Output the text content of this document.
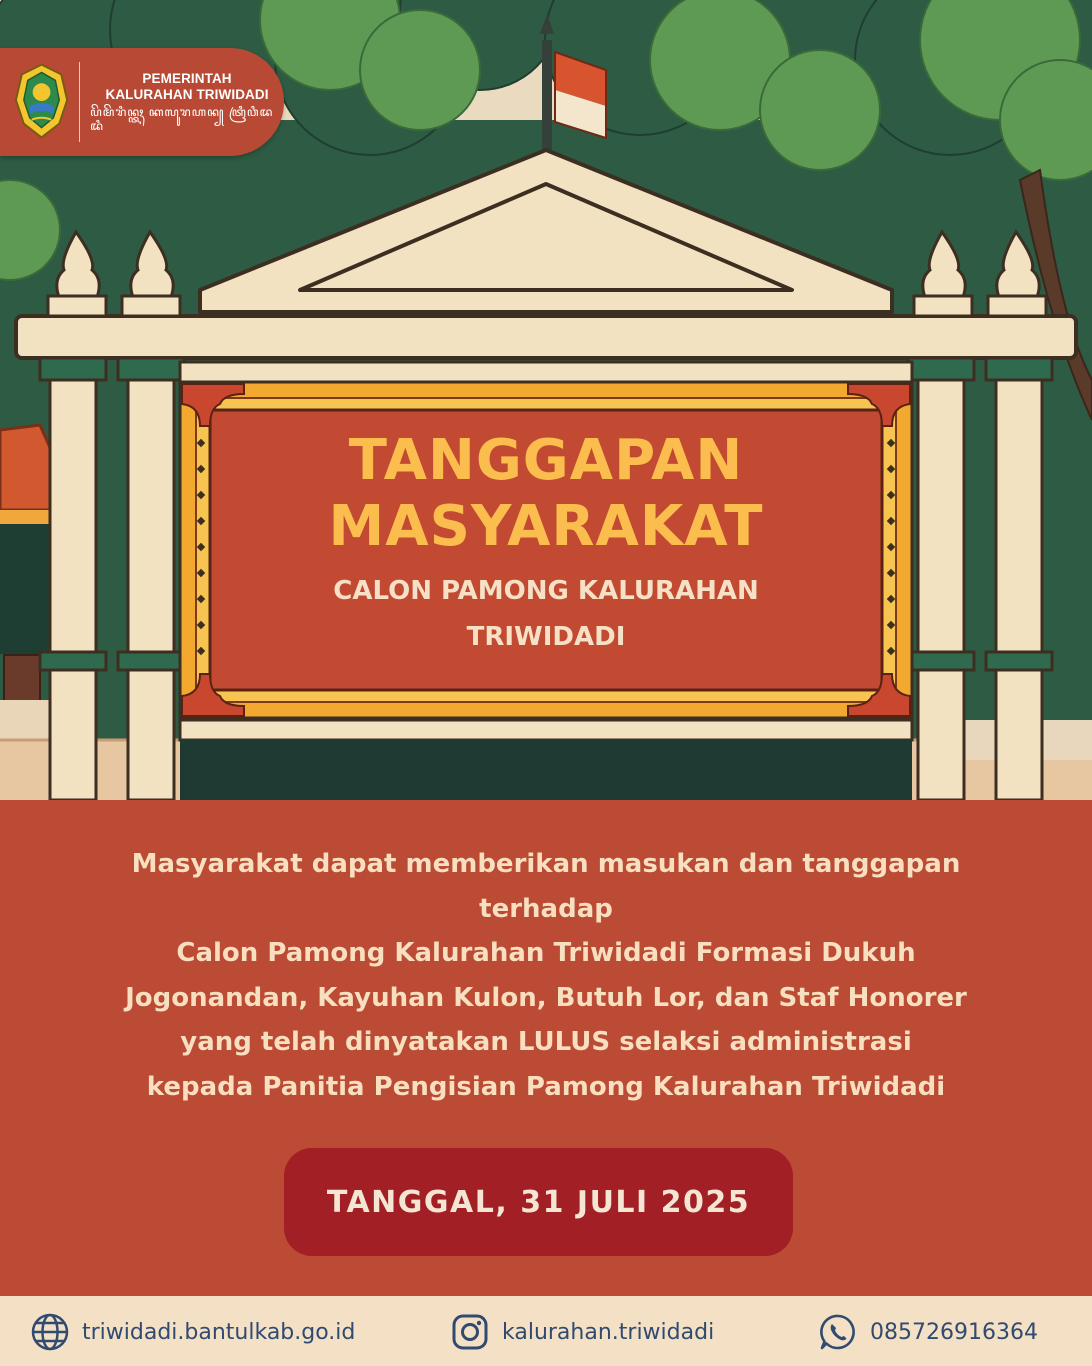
PEMERINTAH
KALURAHAN TRIWIDADI
ꦥꦼꦩꦼꦫꦶꦤ꧀ꦠꦃ ꦏꦭꦸꦫꦲꦤ꧀ ꦠꦿꦶꦮꦶꦢꦢꦶ
TANGGAPAN
MASYARAKAT
CALON PAMONG KALURAHAN
TRIWIDADI
Masyarakat dapat memberikan masukan dan tanggapan
terhadap
Calon Pamong Kalurahan Triwidadi Formasi Dukuh
Jogonandan, Kayuhan Kulon, Butuh Lor, dan Staf Honorer
yang telah dinyatakan LULUS selaksi administrasi
kepada Panitia Pengisian Pamong Kalurahan Triwidadi
TANGGAL, 31 JULI 2025
triwidadi.bantulkab.go.id	kalurahan.triwidadi	085726916364
